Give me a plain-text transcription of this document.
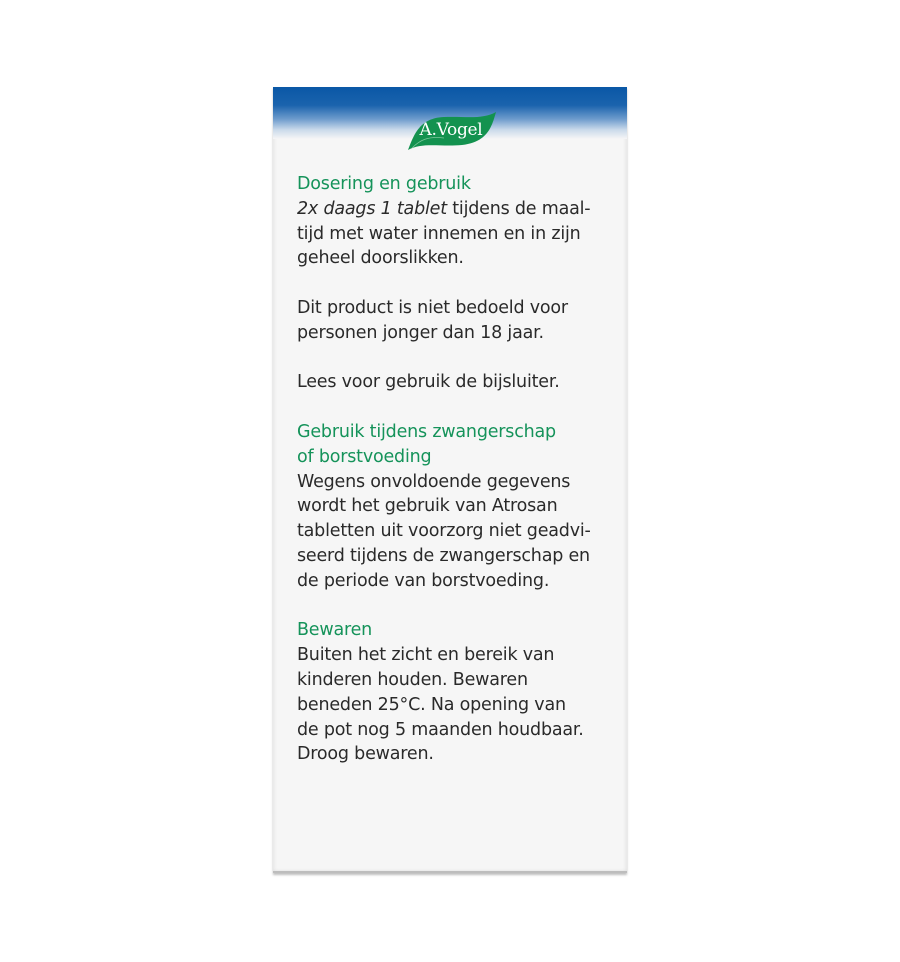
A.Vogel
Dosering en gebruik

2x daags 1 tablet tijdens de maal-

tijd met water innemen en in zijn

geheel doorslikken.

Dit product is niet bedoeld voor

personen jonger dan 18 jaar.

Lees voor gebruik de bijsluiter.

Gebruik tijdens zwangerschap
of borstvoeding

Wegens onvoldoende gegevens

wordt het gebruik van Atrosan

tabletten uit voorzorg niet geadvi-

seerd tijdens de zwangerschap en

de periode van borstvoeding.

Bewaren

Buiten het zicht en bereik van

kinderen houden. Bewaren

beneden 25°C. Na opening van

de pot nog 5 maanden houdbaar.

Droog bewaren.
